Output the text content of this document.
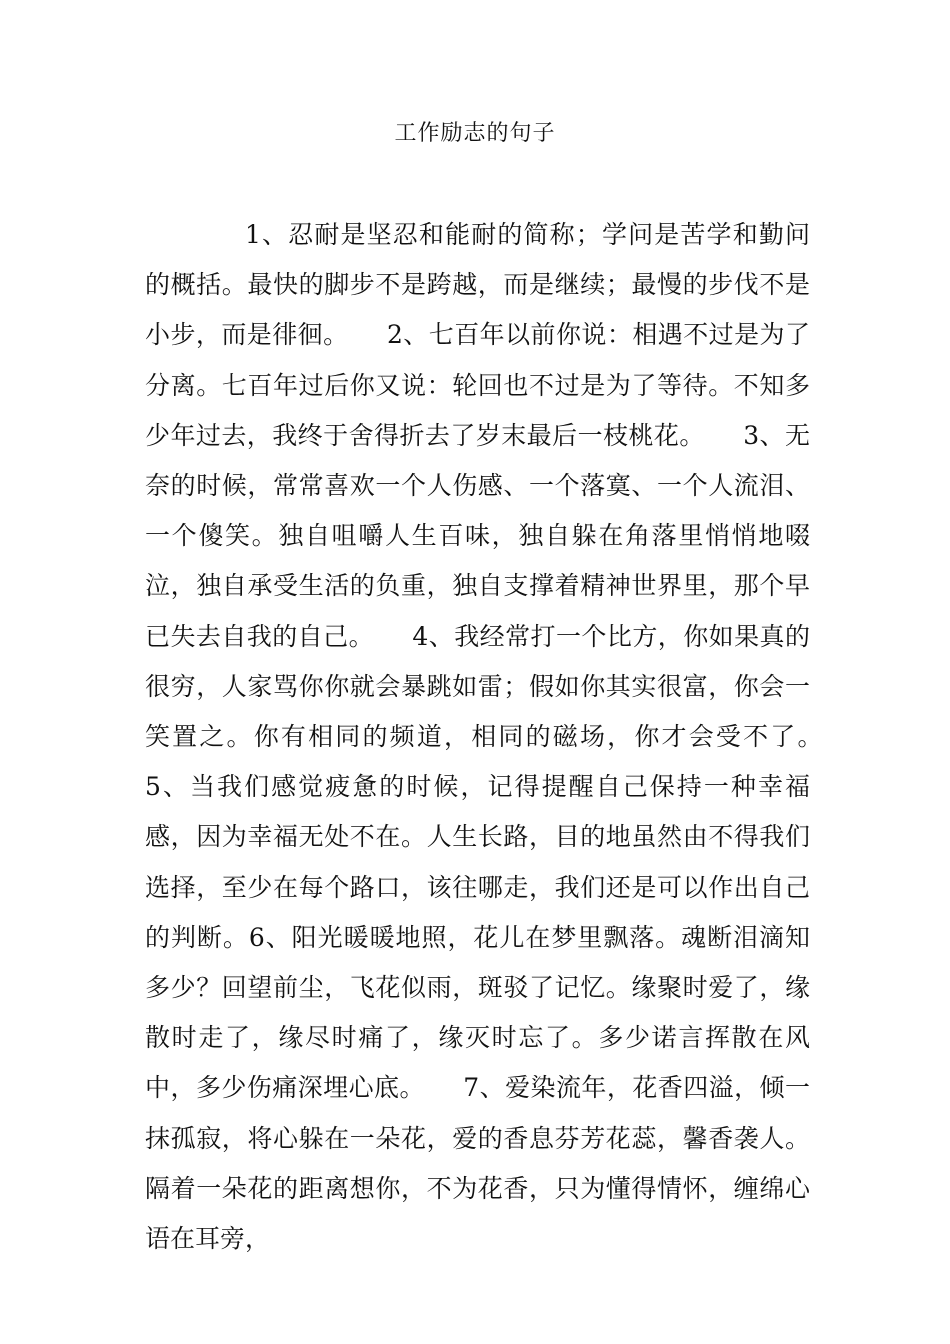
工作励志的句子

1、忍耐是坚忍和能耐的简称；学问是苦学和勤问的概括。最快的脚步不是跨越，而是继续；最慢的步伐不是小步，而是徘徊。　　2、七百年以前你说：相遇不过是为了分离。七百年过后你又说：轮回也不过是为了等待。不知多少年过去，我终于舍得折去了岁末最后一枝桃花。　　3、无奈的时候，常常喜欢一个人伤感、一个落寞、一个人流泪、一个傻笑。独自咀嚼人生百味，独自躲在角落里悄悄地啜泣，独自承受生活的负重，独自支撑着精神世界里，那个早已失去自我的自己。　　4、我经常打一个比方，你如果真的很穷，人家骂你你就会暴跳如雷；假如你其实很富，你会一笑置之。你有相同的频道，相同的磁场，你才会受不了。　　5、当我们感觉疲惫的时候，记得提醒自己保持一种幸福感，因为幸福无处不在。人生长路，目的地虽然由不得我们选择，至少在每个路口，该往哪走，我们还是可以作出自己的判断。6、阳光暖暖地照，花儿在梦里飘落。魂断泪滴知多少？回望前尘，飞花似雨，斑驳了记忆。缘聚时爱了，缘散时走了，缘尽时痛了，缘灭时忘了。多少诺言挥散在风中，多少伤痛深埋心底。　　7、爱染流年，花香四溢，倾一抹孤寂，将心躲在一朵花，爱的香息芬芳花蕊，馨香袭人。隔着一朵花的距离想你，不为花香，只为懂得情怀，缠绵心语在耳旁，
